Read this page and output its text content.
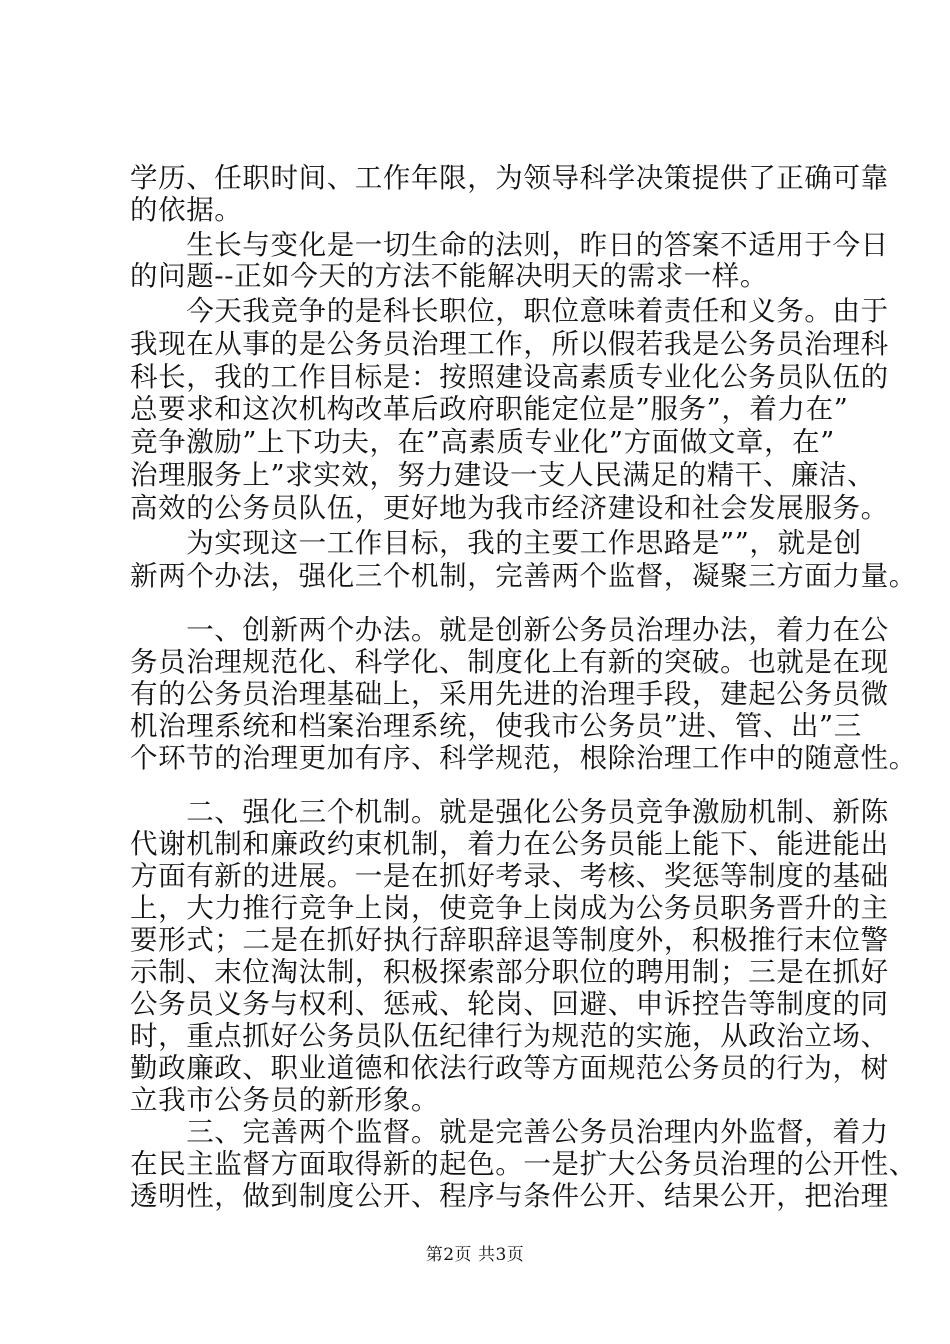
学历、任职时间、工作年限，为领导科学决策提供了正确可靠
的依据。
　　生长与变化是一切生命的法则，昨日的答案不适用于今日
的问题--正如今天的方法不能解决明天的需求一样。
　　今天我竞争的是科长职位，职位意味着责任和义务。由于
我现在从事的是公务员治理工作，所以假若我是公务员治理科
科长，我的工作目标是：按照建设高素质专业化公务员队伍的
总要求和这次机构改革后政府职能定位是”服务”，着力在”
竞争激励”上下功夫，在”高素质专业化”方面做文章，在”
治理服务上”求实效，努力建设一支人民满足的精干、廉洁、
高效的公务员队伍，更好地为我市经济建设和社会发展服务。
　　为实现这一工作目标，我的主要工作思路是””，就是创
新两个办法，强化三个机制，完善两个监督，凝聚三方面力量。
　　一、创新两个办法。就是创新公务员治理办法，着力在公
务员治理规范化、科学化、制度化上有新的突破。也就是在现
有的公务员治理基础上，采用先进的治理手段，建起公务员微
机治理系统和档案治理系统，使我市公务员”进、管、出”三
个环节的治理更加有序、科学规范，根除治理工作中的随意性。
　　二、强化三个机制。就是强化公务员竞争激励机制、新陈
代谢机制和廉政约束机制，着力在公务员能上能下、能进能出
方面有新的进展。一是在抓好考录、考核、奖惩等制度的基础
上，大力推行竞争上岗，使竞争上岗成为公务员职务晋升的主
要形式；二是在抓好执行辞职辞退等制度外，积极推行末位警
示制、末位淘汰制，积极探索部分职位的聘用制；三是在抓好
公务员义务与权利、惩戒、轮岗、回避、申诉控告等制度的同
时，重点抓好公务员队伍纪律行为规范的实施，从政治立场、
勤政廉政、职业道德和依法行政等方面规范公务员的行为，树
立我市公务员的新形象。
　　三、完善两个监督。就是完善公务员治理内外监督，着力
在民主监督方面取得新的起色。一是扩大公务员治理的公开性、
透明性，做到制度公开、程序与条件公开、结果公开，把治理
第2页 共3页
